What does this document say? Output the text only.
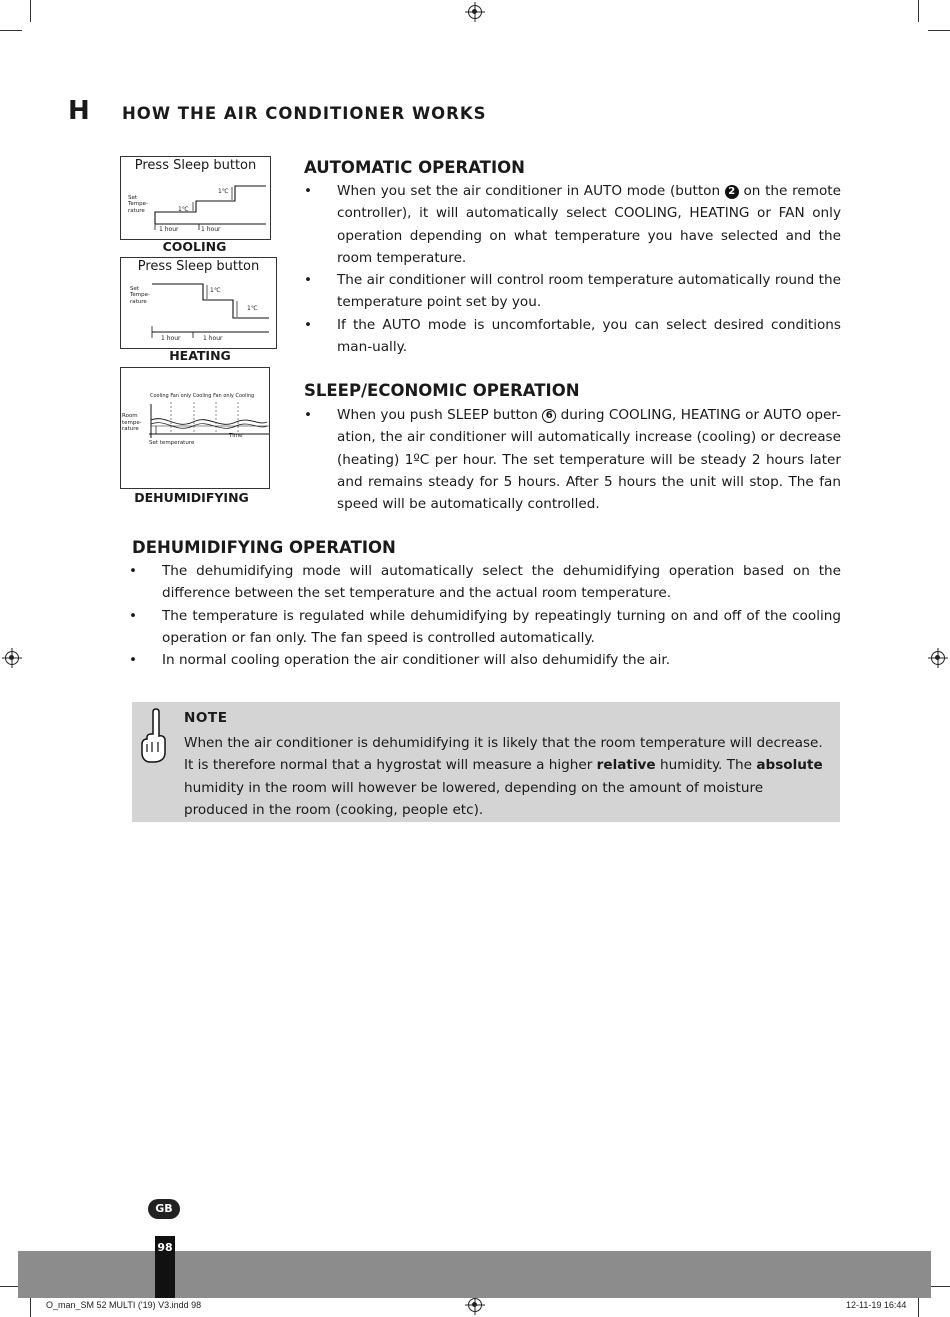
H HOW THE AIR CONDITIONER WORKS
Press Sleep button
Set
Tempe-
rature	1℃
1℃
1 hour	1 hour
COOLING
Press Sleep button
Set
Tempe-
rature
1℃
1℃
1 hour	1 hour
HEATING
Cooling Fan only Cooling Fan only Cooling
Room
tempe-
rature
Time
Set temperature
DEHUMIDIFYING
AUTOMATIC OPERATION
• When you set the air conditioner in AUTO mode (button 2 on the remote controller), it will automatically select COOLING, HEATING or FAN only operation depending on what temperature you have selected and the room temperature.
• The air conditioner will control room temperature automatically round the temperature point set by you.
• If the AUTO mode is uncomfortable, you can select desired conditions man-ually.
SLEEP/ECONOMIC OPERATION
• When you push SLEEP button 6 during COOLING, HEATING or AUTO oper-ation, the air conditioner will automatically increase (cooling) or decrease (heating) 1ºC per hour. The set temperature will be steady 2 hours later and remains steady for 5 hours. After 5 hours the unit will stop. The fan speed will be automatically controlled.
DEHUMIDIFYING OPERATION
• The dehumidifying mode will automatically select the dehumidifying operation based on the difference between the set temperature and the actual room temperature.
• The temperature is regulated while dehumidifying by repeatingly turning on and off of the cooling operation or fan only. The fan speed is controlled automatically.
• In normal cooling operation the air conditioner will also dehumidify the air.
NOTE
When the air conditioner is dehumidifying it is likely that the room temperature will decrease.
It is therefore normal that a hygrostat will measure a higher relative humidity. The absolute humidity in the room will however be lowered, depending on the amount of moisture produced in the room (cooking, people etc).
GB
98
O_man_SM 52 MULTI ('19) V3.indd 98	12-11-19 16:44
